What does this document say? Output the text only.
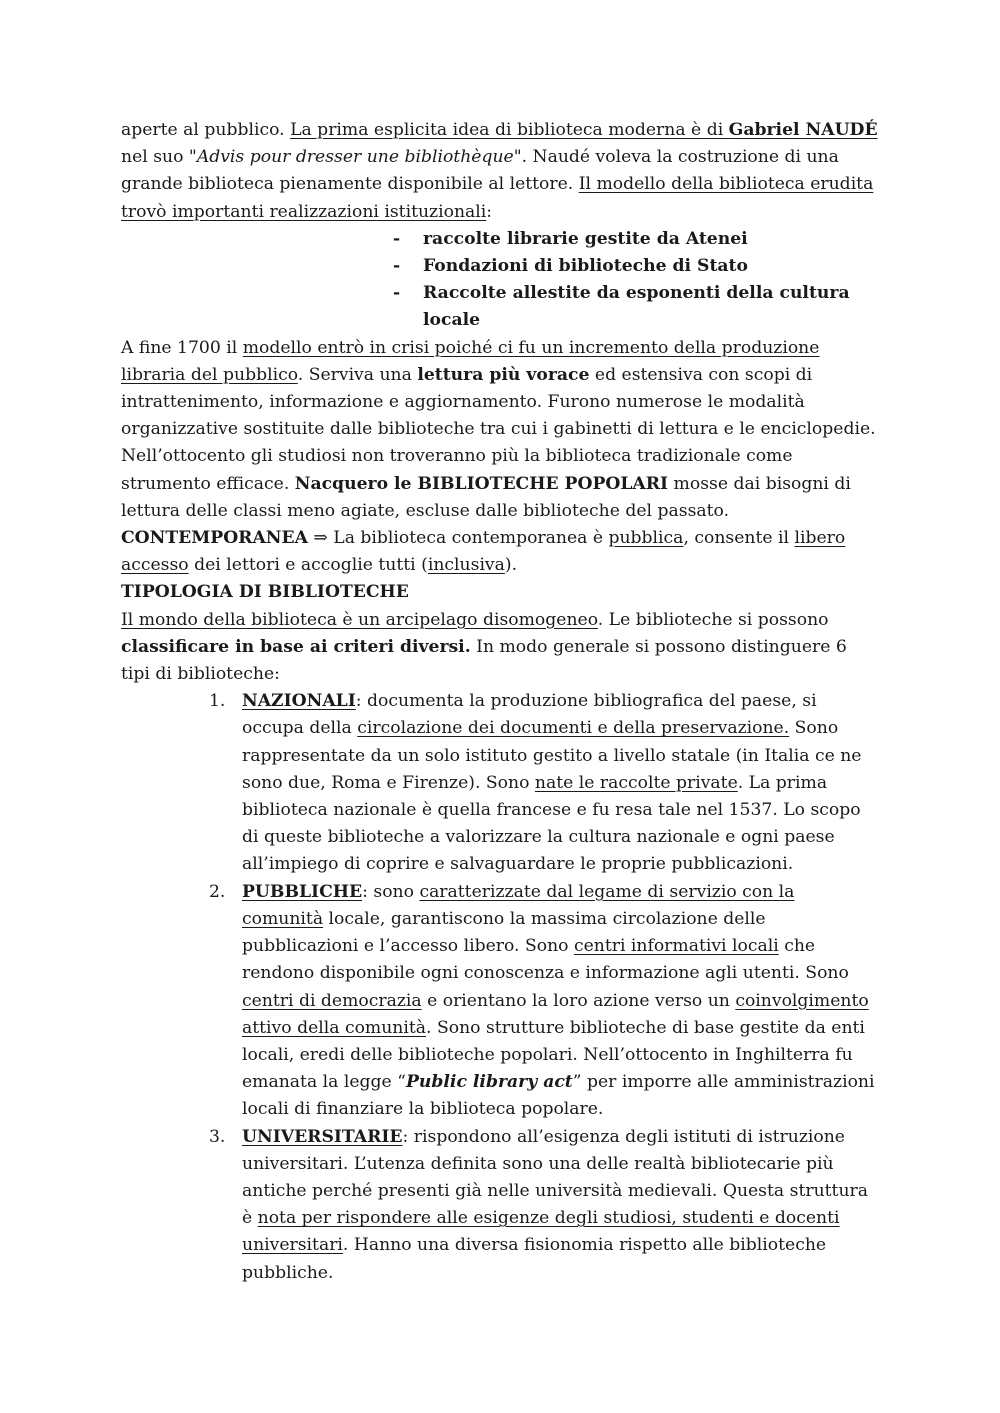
aperte al pubblico. La prima esplicita idea di biblioteca moderna è di Gabriel NAUDÉ nel suo "Advis pour dresser une bibliothèque". Naudé voleva la costruzione di una grande biblioteca pienamente disponibile al lettore. Il modello della biblioteca erudita trovò importanti realizzazioni istituzionali:

- raccolte librarie gestite da Atenei
- Fondazioni di biblioteche di Stato
- Raccolte allestite da esponenti della cultura locale

A fine 1700 il modello entrò in crisi poiché ci fu un incremento della produzione libraria del pubblico. Serviva una lettura più vorace ed estensiva con scopi di intrattenimento, informazione e aggiornamento. Furono numerose le modalità organizzative sostituite dalle biblioteche tra cui i gabinetti di lettura e le enciclopedie. Nell’ottocento gli studiosi non troveranno più la biblioteca tradizionale come strumento efficace. Nacquero le BIBLIOTECHE POPOLARI mosse dai bisogni di lettura delle classi meno agiate, escluse dalle biblioteche del passato.

CONTEMPORANEA ⇒ La biblioteca contemporanea è pubblica, consente il libero accesso dei lettori e accoglie tutti (inclusiva).

TIPOLOGIA DI BIBLIOTECHE

Il mondo della biblioteca è un arcipelago disomogeneo. Le biblioteche si possono classificare in base ai criteri diversi. In modo generale si possono distinguere 6 tipi di biblioteche:

1. NAZIONALI: documenta la produzione bibliografica del paese, si occupa della circolazione dei documenti e della preservazione. Sono rappresentate da un solo istituto gestito a livello statale (in Italia ce ne sono due, Roma e Firenze). Sono nate le raccolte private. La prima biblioteca nazionale è quella francese e fu resa tale nel 1537. Lo scopo di queste biblioteche a valorizzare la cultura nazionale e ogni paese all’impiego di coprire e salvaguardare le proprie pubblicazioni.
2. PUBBLICHE: sono caratterizzate dal legame di servizio con la comunità locale, garantiscono la massima circolazione delle pubblicazioni e l’accesso libero. Sono centri informativi locali che rendono disponibile ogni conoscenza e informazione agli utenti. Sono centri di democrazia e orientano la loro azione verso un coinvolgimento attivo della comunità. Sono strutture biblioteche di base gestite da enti locali, eredi delle biblioteche popolari. Nell’ottocento in Inghilterra fu emanata la legge “Public library act” per imporre alle amministrazioni locali di finanziare la biblioteca popolare.
3. UNIVERSITARIE: rispondono all’esigenza degli istituti di istruzione universitari. L’utenza definita sono una delle realtà bibliotecarie più antiche perché presenti già nelle università medievali. Questa struttura è nota per rispondere alle esigenze degli studiosi, studenti e docenti universitari. Hanno una diversa fisionomia rispetto alle biblioteche pubbliche.
